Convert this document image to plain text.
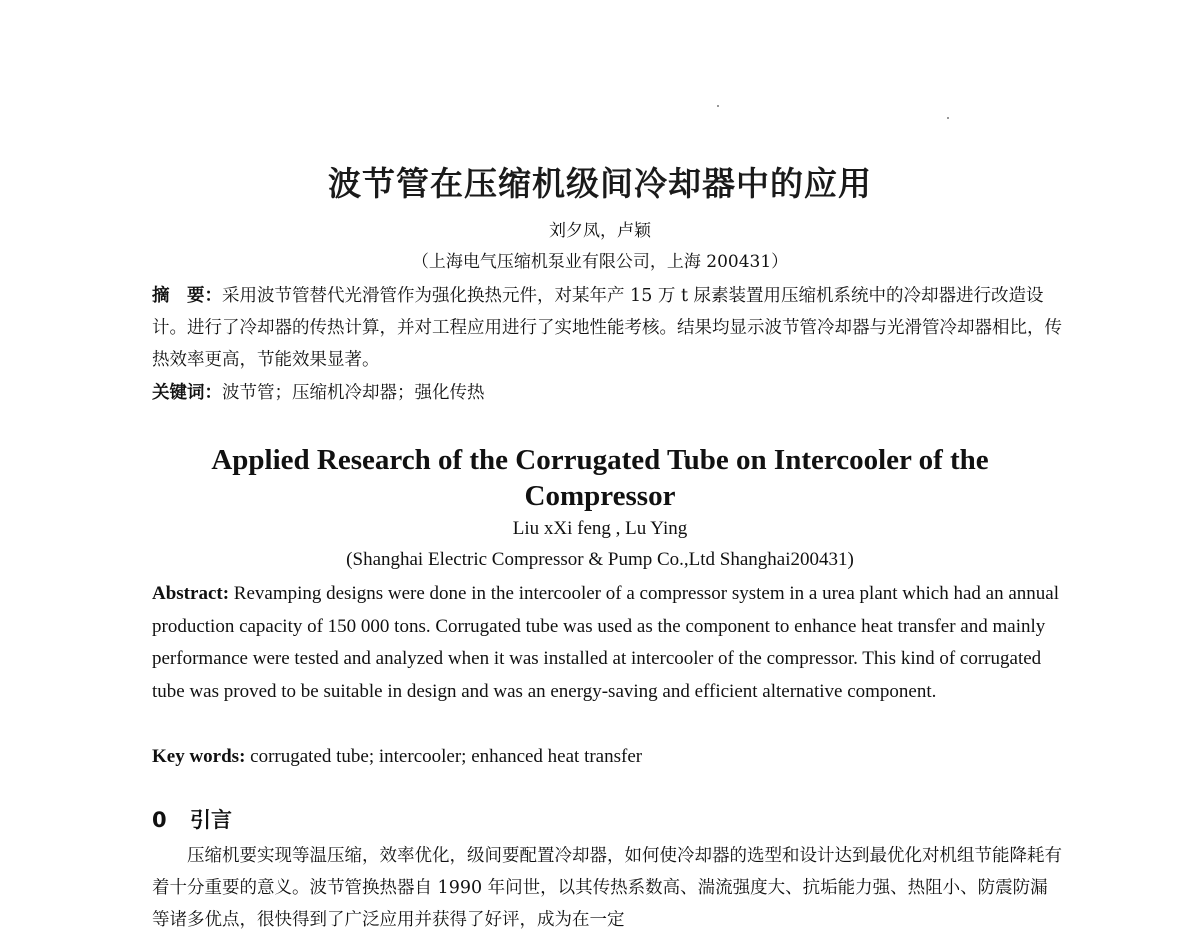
波节管在压缩机级间冷却器中的应用
刘夕凤，卢颖
（上海电气压缩机泵业有限公司，上海 200431）
摘　要：采用波节管替代光滑管作为强化换热元件，对某年产 15 万 t 尿素装置用压缩机系统中的冷却器进行改造设计。进行了冷却器的传热计算，并对工程应用进行了实地性能考核。结果均显示波节管冷却器与光滑管冷却器相比，传热效率更高，节能效果显著。
关键词：波节管；压缩机冷却器；强化传热
Applied Research of the Corrugated Tube on Intercooler of the Compressor
Liu xXi feng , Lu Ying
(Shanghai Electric Compressor & Pump Co.,Ltd Shanghai200431)
Abstract: Revamping designs were done in the intercooler of a compressor system in a urea plant which had an annual production capacity of 150 000 tons. Corrugated tube was used as the component to enhance heat transfer and mainly performance were tested and analyzed when it was installed at intercooler of the compressor. This kind of corrugated tube was proved to be suitable in design and was an energy-saving and efficient alternative component.
Key words: corrugated tube; intercooler; enhanced heat transfer
0 引言
压缩机要实现等温压缩，效率优化，级间要配置冷却器，如何使冷却器的选型和设计达到最优化对机组节能降耗有着十分重要的意义。波节管换热器自 1990 年问世，以其传热系数高、湍流强度大、抗垢能力强、热阻小、防震防漏等诸多优点，很快得到了广泛应用并获得了好评，成为在一定
